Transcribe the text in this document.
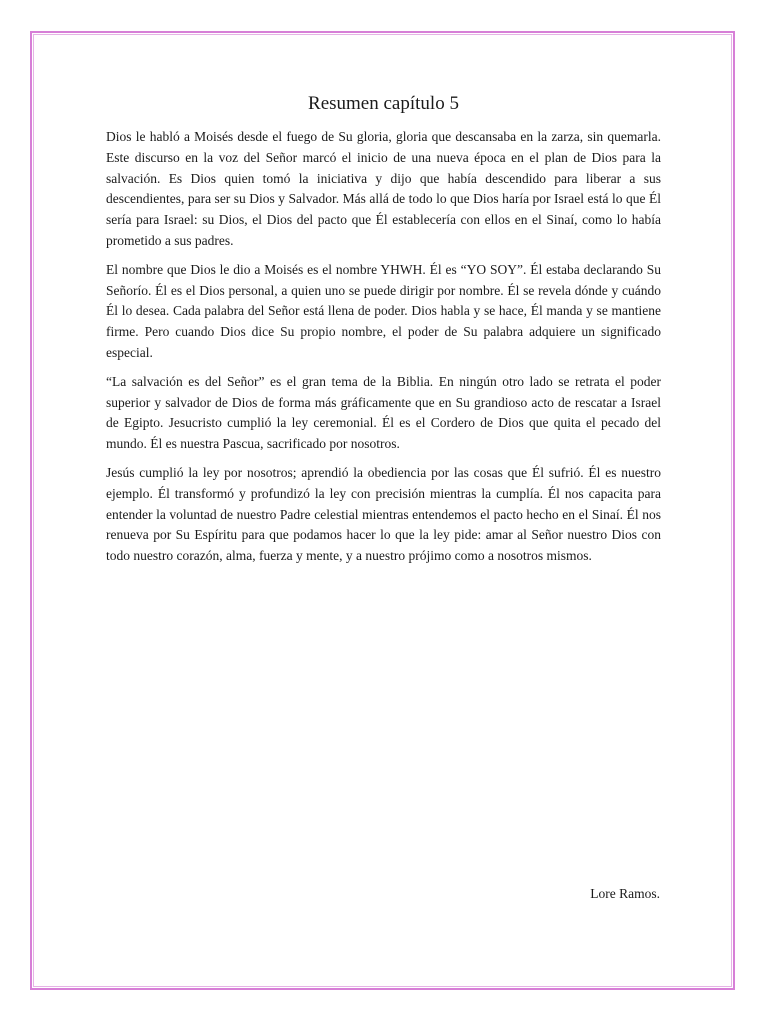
Resumen capítulo 5

Dios le habló a Moisés desde el fuego de Su gloria, gloria que descansaba en la zarza, sin quemarla. Este discurso en la voz del Señor marcó el inicio de una nueva época en el plan de Dios para la salvación. Es Dios quien tomó la iniciativa y dijo que había descendido para liberar a sus descendientes, para ser su Dios y Salvador. Más allá de todo lo que Dios haría por Israel está lo que Él sería para Israel: su Dios, el Dios del pacto que Él establecería con ellos en el Sinaí, como lo había prometido a sus padres.

El nombre que Dios le dio a Moisés es el nombre YHWH. Él es “YO SOY”. Él estaba declarando Su Señorío. Él es el Dios personal, a quien uno se puede dirigir por nombre. Él se revela dónde y cuándo Él lo desea. Cada palabra del Señor está llena de poder. Dios habla y se hace, Él manda y se mantiene firme. Pero cuando Dios dice Su propio nombre, el poder de Su palabra adquiere un significado especial.

“La salvación es del Señor” es el gran tema de la Biblia. En ningún otro lado se retrata el poder superior y salvador de Dios de forma más gráficamente que en Su grandioso acto de rescatar a Israel de Egipto. Jesucristo cumplió la ley ceremonial. Él es el Cordero de Dios que quita el pecado del mundo. Él es nuestra Pascua, sacrificado por nosotros.

Jesús cumplió la ley por nosotros; aprendió la obediencia por las cosas que Él sufrió. Él es nuestro ejemplo. Él transformó y profundizó la ley con precisión mientras la cumplía. Él nos capacita para entender la voluntad de nuestro Padre celestial mientras entendemos el pacto hecho en el Sinaí. Él nos renueva por Su Espíritu para que podamos hacer lo que la ley pide: amar al Señor nuestro Dios con todo nuestro corazón, alma, fuerza y mente, y a nuestro prójimo como a nosotros mismos.

Lore Ramos.
